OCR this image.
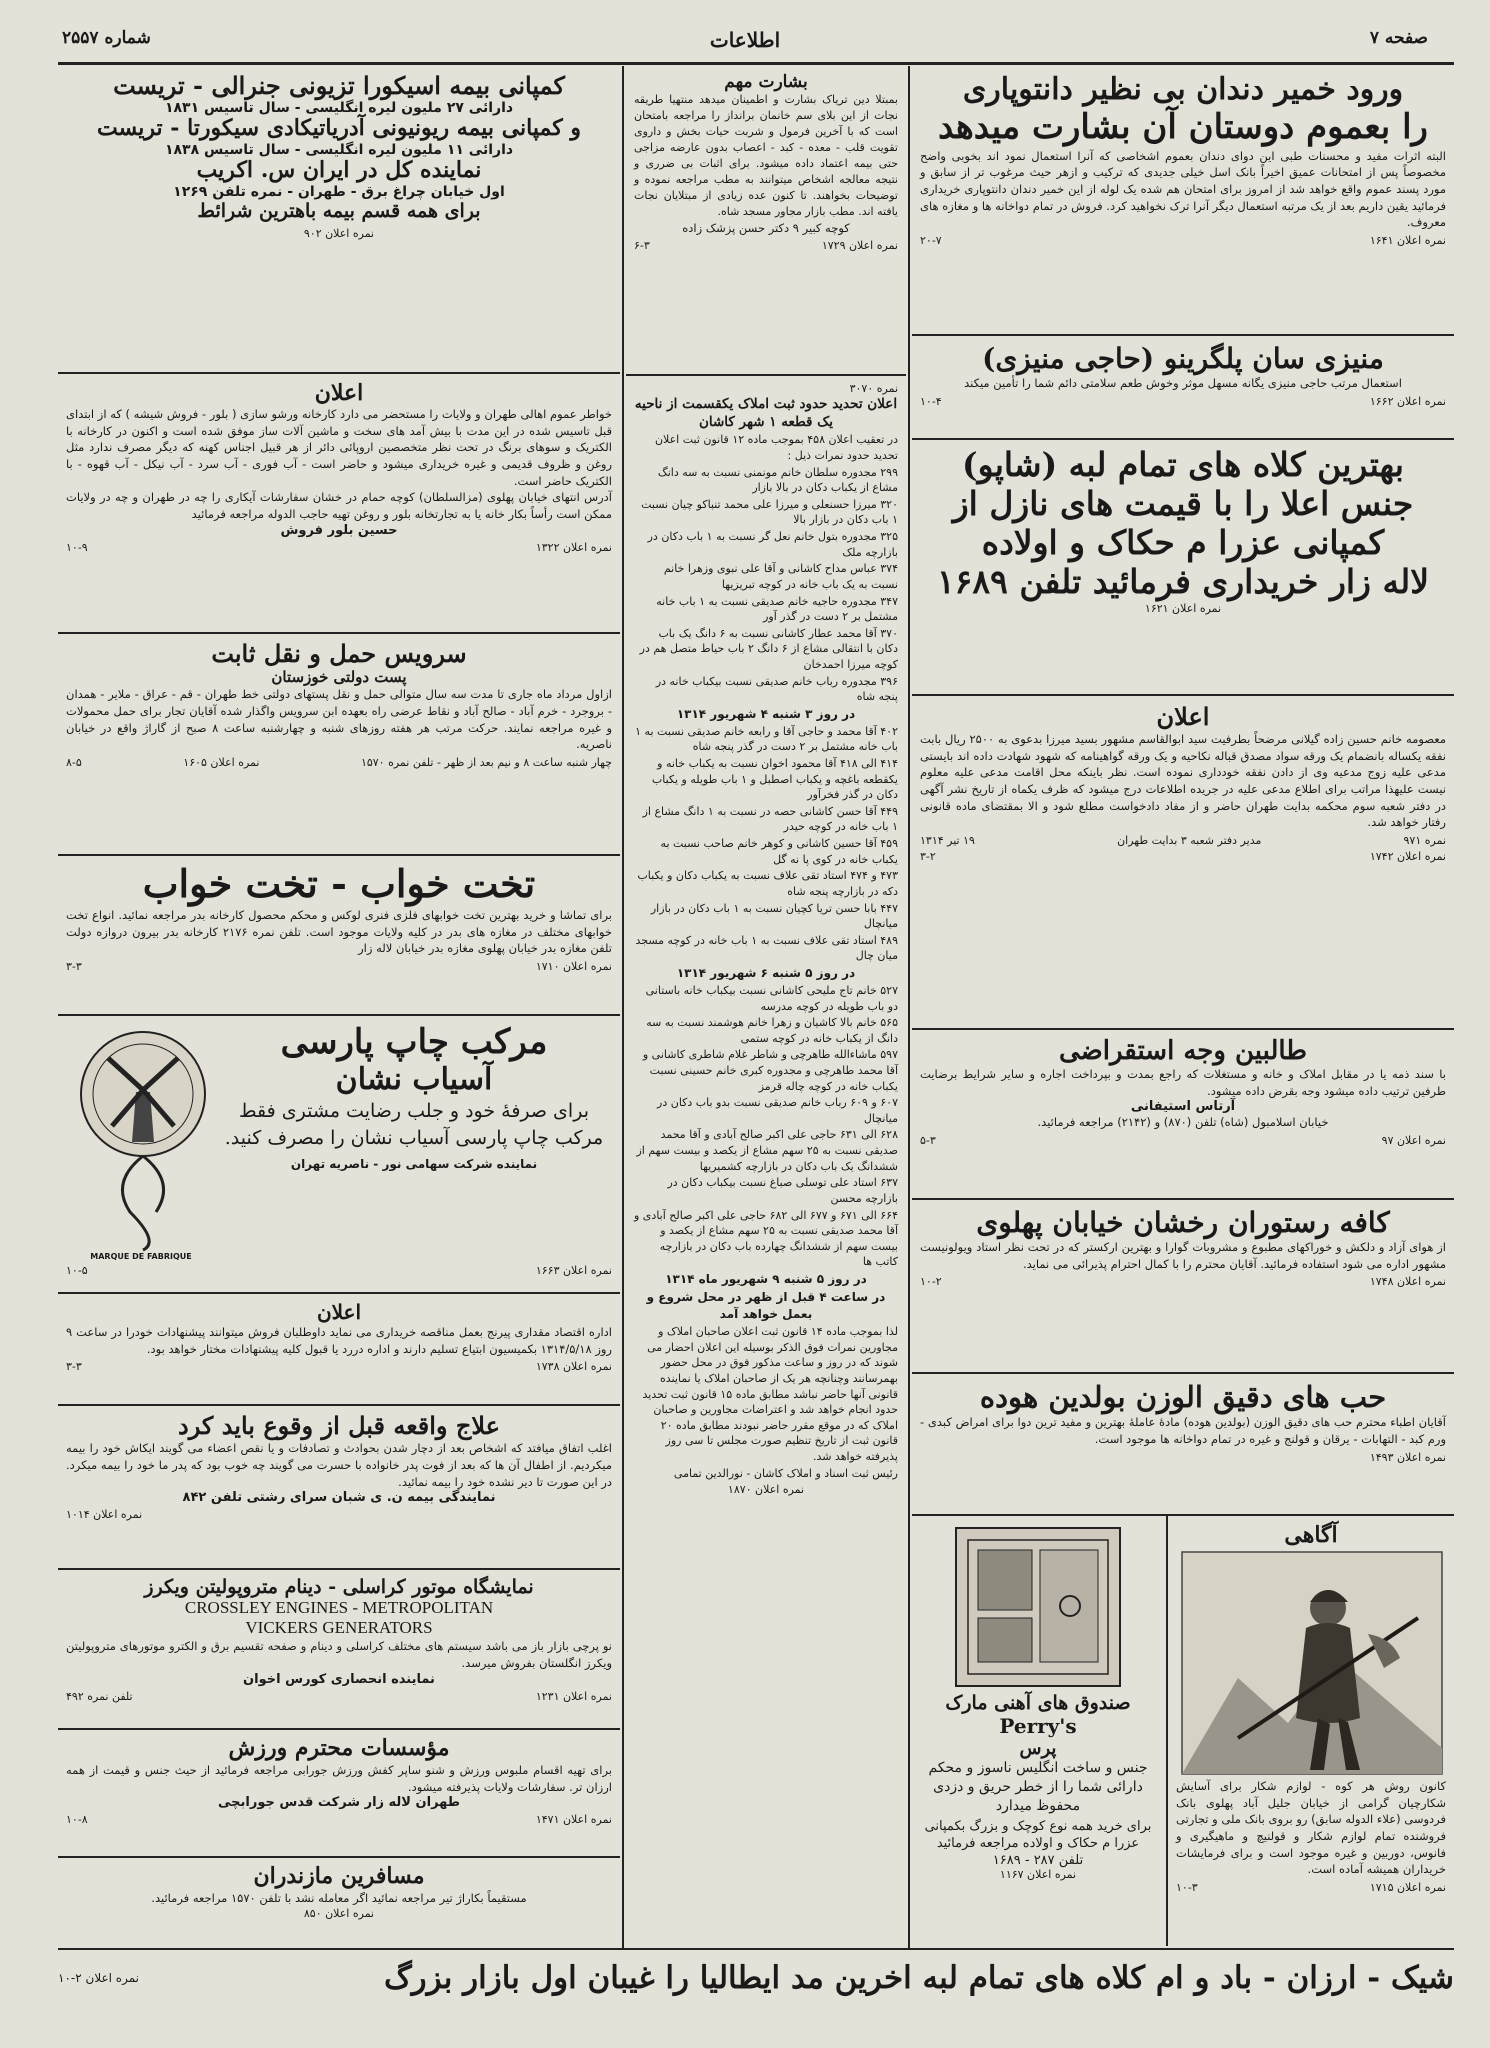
صفحه ۷
اطلاعات
شماره ۲۵۵۷
ورود خمیر دندان بی نظیر دانتوپاری
را بعموم دوستان آن بشارت میدهد
البته اثرات مفید و محسنات طبی این دوای دندان بعموم اشخاصی که آنرا استعمال نمود اند بخوبی واضح مخصوصاً پس از امتحانات عمیق اخیراً بانک اسل خیلی جدیدی که ترکیب و ازهر حیث مرغوب تر از سابق و مورد پسند عموم واقع خواهد شد از امروز برای امتحان هم شده یک لوله از این خمیر دندان دانتوپاری خریداری فرمائید یقین داریم بعد از یک مرتبه استعمال دیگر آنرا ترک نخواهید کرد. فروش در تمام دواخانه ها و مغازه های معروف.
نمره اعلان ۱۶۴۱
۲۰-۷
منیزی سان پلگرینو (حاجی منیزی)
استعمال مرتب حاجی منیزی یگانه مسهل موثر وخوش طعم سلامتی دائم شما را تأمین میکند
نمره اعلان ۱۶۶۲
۱۰-۴
بهترین کلاه های تمام لبه (شاپو)
جنس اعلا را با قیمت های نازل از
کمپانی عزرا م حکاک و اولاده
لاله زار خریداری فرمائید تلفن ۱۶۸۹
نمره اعلان ۱۶۲۱
اعلان
معصومه خانم حسین زاده گیلانی مرضحاً بطرفیت سید ابوالقاسم مشهور بسید میرزا بدعوی به ۲۵۰۰ ریال بابت نفقه یکساله بانضمام یک ورقه سواد مصدق قباله نکاحیه و یک ورقه گواهینامه که شهود شهادت داده اند بایستی مدعی علیه زوج مدعیه وی از دادن نفقه خودداری نموده است. نظر باینکه محل اقامت مدعی علیه معلوم نیست علیهذا مراتب برای اطلاع مدعی علیه در جریده اطلاعات درج میشود که ظرف یکماه از تاریخ نشر آگهی در دفتر شعبه سوم محکمه بدایت طهران حاضر و از مفاد دادخواست مطلع شود و الا بمقتضای ماده قانونی رفتار خواهد شد.
نمره ۹۷۱
مدیر دفتر شعبه ۳ بدایت طهران
۱۹ تیر ۱۳۱۴
نمره اعلان ۱۷۴۲
۳-۲
طالبین وجه استقراضی
با سند ذمه یا در مقابل املاک و خانه و مستغلات که راجع بمدت و بپرداخت اجاره و سایر شرایط برضایت طرفین ترتیب داده میشود وجه بقرض داده میشود.
آرتاس استیفانی
خیابان اسلامبول (شاه) تلفن (۸۷۰) و (۲۱۴۲) مراجعه فرمائید.
نمره اعلان ۹۷
۵-۳
کافه رستوران رخشان خیابان پهلوی
از هوای آزاد و دلکش و خوراکهای مطبوع و مشروبات گوارا و بهترین ارکستر که در تحت نظر استاد ویولونیست مشهور اداره می شود استفاده فرمائید. آقایان محترم را با کمال احترام پذیرائی می نماید.
نمره اعلان ۱۷۴۸
۱۰-۲
حب های دقیق الوزن بولدین هوده
آقایان اطباء محترم حب های دقیق الوزن (بولدین هوده) مادهٔ عاملهٔ بهترین و مفید ترین دوا برای امراض کبدی - ورم کبد - التهابات - یرقان و قولنج و غیره در تمام دواخانه ها موجود است.
نمره اعلان ۱۴۹۳
آگاهی
کانون روش هر کوه - لوازم شکار برای آسایش شکارچیان گرامی از خیابان جلیل آباد پهلوی بانک فردوسی (علاء الدوله سابق) رو بروی بانک ملی و تجارتی فروشنده تمام لوازم شکار و قولنیچ و ماهیگیری و فانوس، دوربین و غیره موجود است و برای فرمایشات خریداران همیشه آماده است.
نمره اعلان ۱۷۱۵
۱۰-۳
صندوق های آهنی مارک
Perry's
پرس
جنس و ساخت انگلیس ناسوز و محکم دارائی شما را از خطر حریق و دزدی محفوظ میدارد
برای خرید همه نوع کوچک و بزرگ بکمپانی عزرا م حکاک و اولاده مراجعه فرمائید
تلفن ۲۸۷ - ۱۶۸۹
نمره اعلان ۱۱۶۷
بشارت مهم
بمبتلا دین تریاک بشارت و اطمینان میدهد منتهیا طریقه نجات از این بلای سم خانمان برانداز را مراجعه بامتحان است که با آخرین فرمول و شربت حیات بخش و داروی تقویت قلب - معده - کبد - اعصاب بدون عارضه مزاجی حتی بیمه اعتماد داده میشود. برای اثبات بی ضرری و نتیجه معالجه اشخاص میتوانند به مطب مراجعه نموده و توضیحات بخواهند. تا کنون عده زیادی از مبتلایان نجات یافته اند. مطب بازار مجاور مسجد شاه.
کوچه کبیر ۹ دکتر حسن پزشک زاده
نمره اعلان ۱۷۲۹
۶-۳
نمره ۳۰۷۰
اعلان تحدید حدود ثبت املاک یکقسمت از ناحیه یک قطعه ۱ شهر کاشان
در تعقیب اعلان ۴۵۸ بموجب ماده ۱۲ قانون ثبت اعلان تحدید حدود نمرات ذیل :
۲۹۹ مجدوره سلطان خانم مونمنی نسبت به سه دانگ مشاع از یکباب دکان در بالا بازار
۳۲۰ میرزا حسنعلی و میرزا علی محمد تنباکو چیان نسبت ۱ باب دکان در بازار بالا
۳۲۵ مجدوره بتول خانم نعل گر نسبت به ۱ باب دکان در بازارچه ملک
۳۷۴ عباس مداح کاشانی و آقا علی نبوی وزهرا خانم نسبت به یک باب خانه در کوچه تبریزیها
۳۴۷ مجدوره حاجیه خانم صدیقی نسبت به ۱ باب خانه مشتمل بر ۲ دست در گذر آور
۳۷۰ آقا محمد عطار کاشانی نسبت به ۶ دانگ یک باب دکان با انتقالی مشاع از ۶ دانگ ۲ باب حیاط متصل هم در کوچه میرزا احمدخان
۳۹۶ مجدوره رباب خانم صدیقی نسبت بیکباب خانه در پنجه شاه
در روز ۳ شنبه ۴ شهریور ۱۳۱۴
۴۰۲ آقا محمد و حاجی آقا و رابعه خانم صدیقی نسبت به ۱ باب خانه مشتمل بر ۲ دست در گذر پنجه شاه
۴۱۴ الی ۴۱۸ آقا محمود اخوان نسبت به یکباب خانه و یکقطعه باغچه و یکباب اصطبل و ۱ باب طویله و یکباب دکان در گذر فخرآور
۴۴۹ آقا حسن کاشانی حصه در نسبت به ۱ دانگ مشاع از ۱ باب خانه در کوچه حیدر
۴۵۹ آقا حسین کاشانی و کوهر خانم صاحب نسبت به یکباب خانه در کوی پا نه گل
۴۷۳ و ۴۷۴ استاد تقی علاف نسبت به یکباب دکان و یکباب دکه در بازارچه پنجه شاه
۴۴۷ بابا حسن تریا کچیان نسبت به ۱ باب دکان در بازار میانچال
۴۸۹ استاد تقی علاف نسبت به ۱ باب خانه در کوچه مسجد میان چال
در روز ۵ شنبه ۶ شهریور ۱۳۱۴
۵۲۷ خانم تاج ملیحی کاشانی نسبت بیکباب خانه باستانی دو باب طویله در کوچه مدرسه
۵۶۵ خانم بالا کاشیان و زهرا خانم هوشمند نسبت به سه دانگ از یکباب خانه در کوچه ستمی
۵۹۷ ماشاءالله طاهرچی و شاطر غلام شاطری کاشانی و آقا محمد طاهرچی و مجدوره کبری خانم حسینی نسبت یکباب خانه در کوچه چاله قرمز
۶۰۷ و ۶۰۹ رباب خانم صدیقی نسبت بدو باب دکان در میانچال
۶۲۸ الی ۶۳۱ حاجی علی اکبر صالح آبادی و آقا محمد صدیقی نسبت به ۲۵ سهم مشاع از یکصد و بیست سهم از ششدانگ یک باب دکان در بازارچه کشمیریها
۶۳۷ استاد علی توسلی صباغ نسبت بیکباب دکان در بازارچه محسن
۶۶۴ الی ۶۷۱ و ۶۷۷ الی ۶۸۲ حاجی علی اکبر صالح آبادی و آقا محمد صدیقی نسبت به ۲۵ سهم مشاع از یکصد و بیست سهم از ششدانگ چهارده باب دکان در بازارچه کاتب ها
در روز ۵ شنبه ۹ شهریور ماه ۱۳۱۴
در ساعت ۴ قبل از ظهر در محل شروع و بعمل خواهد آمد
لذا بموجب ماده ۱۴ قانون ثبت اعلان صاحبان املاک و مجاورین نمرات فوق الذکر بوسیله این اعلان احضار می شوند که در روز و ساعت مذکور فوق در محل حضور بهمرسانند وچنانچه هر یک از صاحبان املاک یا نماینده قانونی آنها حاضر نباشد مطابق ماده ۱۵ قانون ثبت تحدید حدود انجام خواهد شد و اعتراضات مجاورین و صاحبان املاک که در موقع مقرر حاضر نبودند مطابق ماده ۲۰ قانون ثبت از تاریخ تنظیم صورت مجلس تا سی روز پذیرفته خواهد شد.
رئیس ثبت اسناد و املاک کاشان - نورالدین تمامی
نمره اعلان ۱۸۷۰
کمپانی بیمه اسیکورا تزیونی جنرالی - تریست
دارائی ۲۷ ملیون لیره انگلیسی - سال تاسیس ۱۸۳۱
و کمپانی بیمه ریونیونی آدریاتیکادی سیکورتا - تریست
دارائی ۱۱ ملیون لیره انگلیسی - سال تاسیس ۱۸۳۸
نماینده کل در ایران س. اکریب
اول خیابان چراغ برق - طهران - نمره تلفن ۱۲۶۹
برای همه قسم بیمه باهترین شرائط
نمره اعلان ۹۰۲
اعلان
خواطر عموم اهالی طهران و ولایات را مستحضر می دارد کارخانه ورشو سازی ( بلور - فروش شیشه ) که از ابتدای قبل تاسیس شده در این مدت با بیش آمد های سخت و ماشین آلات ساز موفق شده است و اکنون در کارخانه با الکتریک و سوهای برنگ در تحت نظر متخصصین اروپائی دائر از هر قبیل اجناس کهنه که دیگر مصرف ندارد مثل روغن و ظروف قدیمی و غیره خریداری میشود و حاضر است - آب فوری - آب سرد - آب نیکل - آب قهوه - با الکتریک حاضر است.
آدرس انتهای خیابان پهلوی (مزالسلطان) کوچه حمام در خشان سفارشات آیکاری را چه در طهران و چه در ولایات ممکن است رأساً بکار خانه یا به تجارتخانه بلور و روغن تهیه حاجب الدوله مراجعه فرمائید
حسین بلور فروش
نمره اعلان ۱۳۲۲
۱۰-۹
سرویس حمل و نقل ثابت
پست دولتی خوزستان
ازاول مرداد ماه جاری تا مدت سه سال متوالی حمل و نقل پستهای دولتی خط طهران - قم - عراق - ملایر - همدان - بروجرد - خرم آباد - صالح آباد و نقاط عرضی راه بعهده ابن سرویس واگذار شده آقایان تجار برای حمل محمولات و غیره مراجعه نمایند. حرکت مرتب هر هفته روزهای شنبه و چهارشنبه ساعت ۸ صبح از گاراژ واقع در خیابان ناصریه.
چهار شنبه ساعت ۸ و نیم بعد از ظهر - تلفن نمره ۱۵۷۰
نمره اعلان ۱۶۰۵
۸-۵
تخت خواب - تخت خواب
برای تماشا و خرید بهترین تخت خوابهای فلزی فنری لوکس و محکم محصول کارخانه بدر مراجعه نمائید. انواع تخت خوابهای مختلف در مغازه های بدر در کلیه ولایات موجود است. تلفن نمره ۲۱۷۶ کارخانه بدر بیرون دروازه دولت تلفن مغازه بدر خیابان پهلوی مغازه بدر خیابان لاله زار
نمره اعلان ۱۷۱۰
۳-۳
مرکب چاپ پارسی
آسیاب نشان
برای صرفهٔ خود و جلب رضایت مشتری فقط مرکب چاپ پارسی آسیاب نشان را مصرف کنید.
نماینده شرکت سهامی نور - ناصریه تهران
MARQUE DE FABRIQUE
نمره اعلان ۱۶۶۳
۱۰-۵
اعلان
اداره اقتصاد مقداری پیرنج بعمل مناقصه خریداری می نماید داوطلبان فروش میتوانند پیشنهادات خودرا در ساعت ۹ روز ۱۳۱۴/۵/۱۸ بکمیسیون ابتیاع تسلیم دارند و اداره دررد یا قبول کلیه پیشنهادات مختار خواهد بود.
نمره اعلان ۱۷۳۸
۳-۳
علاج واقعه قبل از وقوع باید کرد
اغلب اتفاق میافتد که اشخاص بعد از دچار شدن بحوادث و تصادفات و یا نقص اعضاء می گویند ایکاش خود را بیمه میکردیم. از اطفال آن ها که بعد از فوت پدر خانواده با حسرت می گویند چه خوب بود که پدر ما خود را بیمه میکرد. در این صورت تا دیر نشده خود را بیمه نمائید.
نمایندگی بیمه ن. ی شبان سرای رشتی تلفن ۸۴۲
نمره اعلان ۱۰۱۴
نمایشگاه موتور کراسلی - دینام متروپولیتن ویکرز
CROSSLEY ENGINES - METROPOLITAN
VICKERS GENERATORS
نو پرچی بازار باز می باشد سیستم های مختلف کراسلی و دینام و صفحه تقسیم برق و الکترو موتورهای متروپولیتن ویکرز انگلستان بفروش میرسد.
نماینده انحصاری کورس اخوان
نمره اعلان ۱۲۳۱
تلفن نمره ۴۹۲
مؤسسات محترم ورزش
برای تهیه اقسام ملبوس ورزش و شنو ساپر کفش ورزش جورابی مراجعه فرمائید از حیث جنس و قیمت از همه ارزان تر. سفارشات ولایات پذیرفته میشود.
طهران لاله زار شرکت قدس جورابچی
نمره اعلان ۱۴۷۱
۱۰-۸
مسافرین مازندران
مستقیماً بکاراژ تیر مراجعه نمائید اگر معامله نشد با تلفن ۱۵۷۰ مراجعه فرمائید.
نمره اعلان ۸۵۰
شیک - ارزان - باد و ام کلاه های تمام لبه اخرین مد ایطالیا را غیبان اول بازار بزرگ
نمره اعلان ۲-۱۰
